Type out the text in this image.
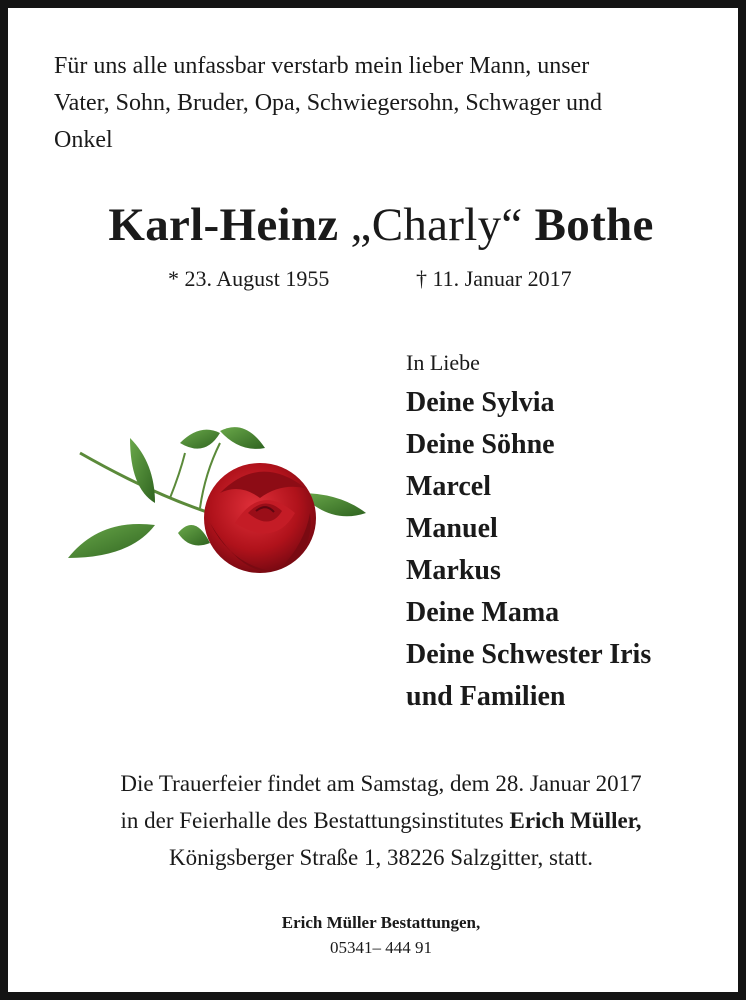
Für uns alle unfassbar verstarb mein lieber Mann, unser
Vater, Sohn, Bruder, Opa, Schwiegersohn, Schwager und
Onkel
Karl-Heinz „Charly“ Bothe
* 23. August 1955	† 11. Januar 2017
In Liebe
Deine Sylvia
Deine Söhne
Marcel
Manuel
Markus
Deine Mama
Deine Schwester Iris
und Familien
Die Trauerfeier findet am Samstag, dem 28. Januar 2017
in der Feierhalle des Bestattungsinstitutes Erich Müller,
Königsberger Straße 1, 38226 Salzgitter, statt.
Erich Müller Bestattungen,
05341– 444 91
